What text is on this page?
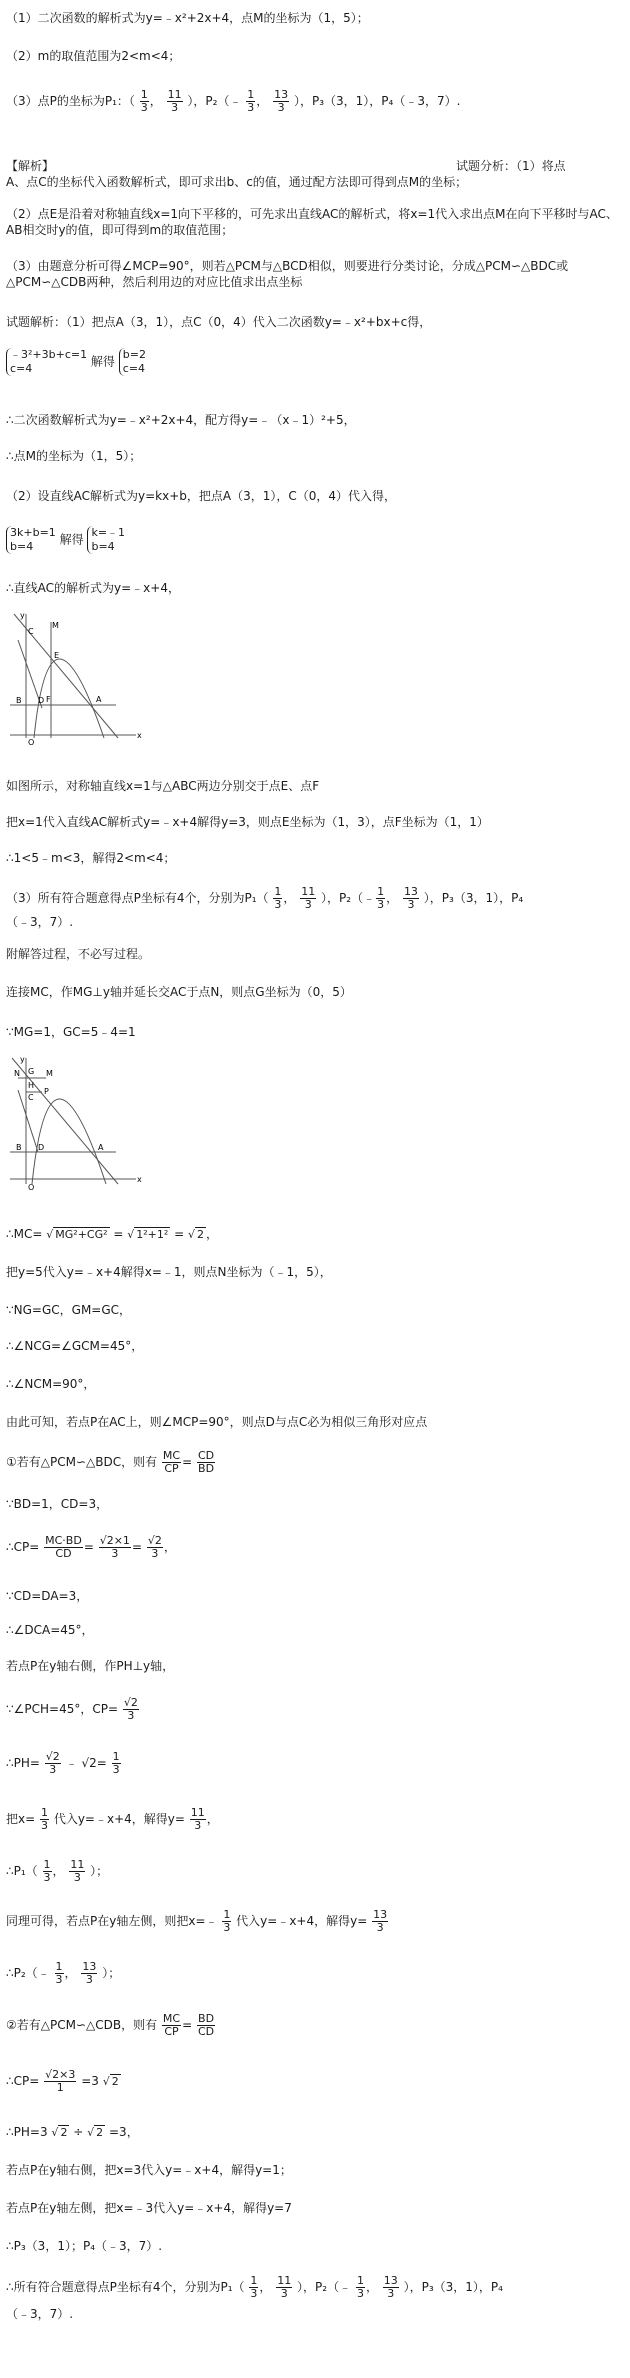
（1）二次函数的解析式为y=﹣x²+2x+4，点M的坐标为（1，5）；
（2）m的取值范围为2<m<4；
（3）点P的坐标为P₁：（ $\frac{1}{3}$ ， $\frac{11}{3}$ ），P₂（﹣ $\frac{1}{3}$ ， $\frac{13}{3}$ ），P₃（3，1），P₄（﹣3，7）.
【解析】	试题分析：（1）将点
A、点C的坐标代入函数解析式，即可求出b、c的值，通过配方法即可得到点M的坐标；
（2）点E是沿着对称轴直线x=1向下平移的，可先求出直线AC的解析式，将x=1代入求出点M在向下平移时与AC、AB相交时y的值，即可得到m的取值范围；
（3）由题意分析可得∠MCP=90°，则若△PCM与△BCD相似，则要进行分类讨论，分成△PCM∽△BDC或△PCM∽△CDB两种，然后利用边的对应比值求出点坐标
试题解析：（1）把点A（3，1），点C（0，4）代入二次函数y=﹣x²+bx+c得，
﹣3²+3b+c=1
c=4	解得 b=2
c=4
∴二次函数解析式为y=﹣x²+2x+4，配方得y=﹣（x﹣1）²+5，
∴点M的坐标为（1，5）；
（2）设直线AC解析式为y=kx+b，把点A（3，1），C（0，4）代入得，
3k+b=1
b=4	解得 k=﹣1
b=4
∴直线AC的解析式为y=﹣x+4，
M
C
E
F
B D	A
O
x
y
如图所示，对称轴直线x=1与△ABC两边分别交于点E、点F
把x=1代入直线AC解析式y=﹣x+4解得y=3，则点E坐标为（1，3），点F坐标为（1，1）
∴1<5﹣m<3，解得2<m<4；
（3）所有符合题意得点P坐标有4个，分别为$P_1( \frac{1}{3}$ ， $\frac{11}{3}$ ），P₂（﹣ $\frac{1}{3}$ ， $\frac{13}{3}$ ），P₃（3，1），P₄
（﹣3，7）.
附解答过程，不必写过程。
连接MC，作MG⊥y轴并延长交AC于点N，则点G坐标为（0，5）
∵MG=1，GC=5﹣4=1
N G M
C
P
H
B D	A
O
x
y
∴MC= √ MG²+CG² = √ 1²+1² = √ 2 ，
把y=5代入y=﹣x+4解得x=﹣1，则点N坐标为（﹣1，5），
∵NG=GC，GM=GC，
∴∠NCG=∠GCM=45°，
∴∠NCM=90°，
由此可知，若点P在AC上，则∠MCP=90°，则点D与点C必为相似三角形对应点
①若有△PCM∽△BDC，则有 $\frac{MC}{CP} = \frac{CD}{BD}$
∵BD=1，CD=3，
∴CP= $\frac{MC\cdot BD}{CD} = \frac{√2\times 1}{3} = \frac{√2}{3}$ ，
∵CD=DA=3，
∴∠DCA=45°，
若点P在y轴右侧，作PH⊥y轴，
∵∠PCH=45°，$CP= \frac{√2}{3}$
∴PH= $\frac{√2}{3}$ ﹣ $√2= \frac{1}{3}$
把$x= \frac{1}{3}$ 代入y=﹣x+4，解得$y= \frac{11}{3}$ ，
∴P₁（ $\frac{1}{3}$ ， $\frac{11}{3}$ ）；
同理可得，若点P在y轴左侧，则把x=﹣ $\frac{1}{3}$ 代入y=﹣x+4，解得$y= \frac{13}{3}$
∴P₂（﹣ $\frac{1}{3}$ ， $\frac{13}{3}$ ）；
②若有△PCM∽△CDB，则有 $\frac{MC}{CP} = \frac{BD}{CD}$
∴CP= $\frac{√2\times 3}{1} =3$ √ 2
∴PH=3 √ 2 ÷ √ 2 =3，
若点P在y轴右侧，把x=3代入y=﹣x+4，解得y=1；
若点P在y轴左侧，把x=﹣3代入y=﹣x+4，解得y=7
∴P₃（3，1）；P₄（﹣3，7）.
∴所有符合题意得点P坐标有4个，分别为$P_1( \frac{1}{3}$ ， $\frac{11}{3}$ ），P₂（﹣ $\frac{1}{3}$ ， $\frac{13}{3}$ ），P₃（3，1），P₄
（﹣3，7）.
